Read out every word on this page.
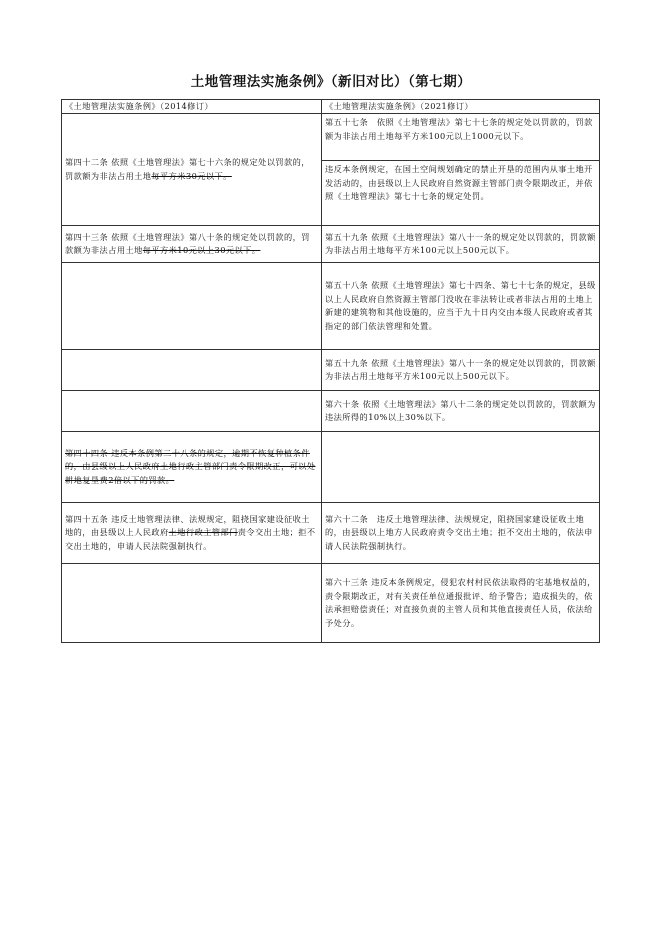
土地管理法实施条例》（新旧对比）（第七期）
《土地管理法实施条例》（2014修订）	《土地管理法实施条例》（2021修订）
第四十二条 依照《土地管理法》第七十六条的规定处以罚款的，罚款额为非法占用土地每平方米30元以下。	第五十七条　依照《土地管理法》第七十七条的规定处以罚款的，罚款额为非法占用土地每平方米100元以上1000元以下。
违反本条例规定，在国土空间规划确定的禁止开垦的范围内从事土地开发活动的，由县级以上人民政府自然资源主管部门责令限期改正，并依照《土地管理法》第七十七条的规定处罚。

第四十三条 依照《土地管理法》第八十条的规定处以罚款的，罚款额为非法占用土地每平方米10元以上30元以下。	第五十九条 依照《土地管理法》第八十一条的规定处以罚款的，罚款额为非法占用土地每平方米100元以上500元以下。
	第五十八条 依照《土地管理法》第七十四条、第七十七条的规定，县级以上人民政府自然资源主管部门没收在非法转让或者非法占用的土地上新建的建筑物和其他设施的，应当于九十日内交由本级人民政府或者其指定的部门依法管理和处置。
	第五十九条 依照《土地管理法》第八十一条的规定处以罚款的，罚款额为非法占用土地每平方米100元以上500元以下。
	第六十条 依照《土地管理法》第八十二条的规定处以罚款的，罚款额为违法所得的10%以上30%以下。
第四十四条 违反本条例第二十八条的规定，逾期不恢复种植条件的，由县级以上人民政府土地行政主管部门责令限期改正，可以处耕地复垦费2倍以下的罚款。	
第四十五条 违反土地管理法律、法规规定，阻挠国家建设征收土地的，由县级以上人民政府土地行政主管部门责令交出土地；拒不交出土地的，申请人民法院强制执行。	第六十二条　违反土地管理法律、法规规定，阻挠国家建设征收土地的，由县级以上地方人民政府责令交出土地；拒不交出土地的，依法申请人民法院强制执行。
	第六十三条 违反本条例规定，侵犯农村村民依法取得的宅基地权益的，责令限期改正，对有关责任单位通报批评、给予警告；造成损失的，依法承担赔偿责任；对直接负责的主管人员和其他直接责任人员，依法给予处分。
